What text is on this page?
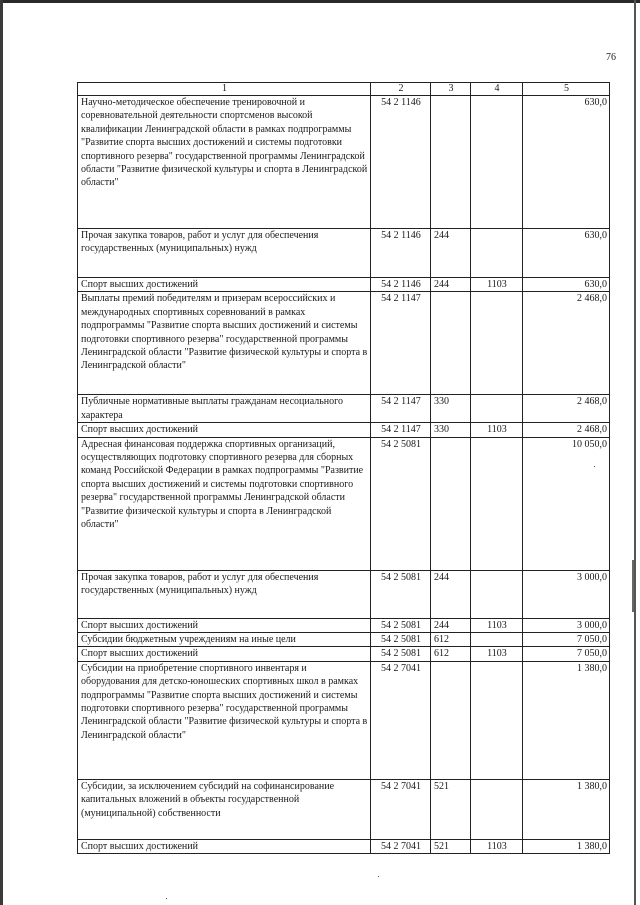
76
1	2	3	4	5
Научно-методическое обеспечение тренировочной и соревновательной деятельности спортсменов высокой квалификации Ленинградской области в рамках подпрограммы "Развитие спорта высших достижений и системы подготовки спортивного резерва" государственной программы Ленинградской области "Развитие физической культуры и спорта в Ленинградской области"	54 2 1146			630,0
Прочая закупка товаров, работ и услуг для обеспечения государственных (муниципальных) нужд	54 2 1146	244		630,0
Спорт высших достижений	54 2 1146	244	1103	630,0
Выплаты премий победителям и призерам всероссийских и международных спортивных соревнований в рамках подпрограммы "Развитие спорта высших достижений и системы подготовки спортивного резерва" государственной программы Ленинградской области "Развитие физической культуры и спорта в Ленинградской области"	54 2 1147			2 468,0
Публичные нормативные выплаты гражданам несоциального характера	54 2 1147	330		2 468,0
Спорт высших достижений	54 2 1147	330	1103	2 468,0
Адресная финансовая поддержка спортивных организаций, осуществляющих подготовку спортивного резерва для сборных команд Российской Федерации в рамках подпрограммы "Развитие спорта высших достижений и системы подготовки спортивного резерва" государственной программы Ленинградской области "Развитие физической культуры и спорта в Ленинградской области"	54 2 5081			10 050,0
Прочая закупка товаров, работ и услуг для обеспечения государственных (муниципальных) нужд	54 2 5081	244		3 000,0
Спорт высших достижений	54 2 5081	244	1103	3 000,0
Субсидии бюджетным учреждениям на иные цели	54 2 5081	612		7 050,0
Спорт высших достижений	54 2 5081	612	1103	7 050,0
Субсидии на приобретение спортивного инвентаря и оборудования для детско-юношеских спортивных школ в рамках подпрограммы "Развитие спорта высших достижений и системы подготовки спортивного резерва" государственной программы Ленинградской области "Развитие физической культуры и спорта в Ленинградской области"	54 2 7041			1 380,0
Субсидии, за исключением субсидий на софинансирование капитальных вложений в объекты государственной (муниципальной) собственности	54 2 7041	521		1 380,0
Спорт высших достижений	54 2 7041	521	1103	1 380,0
